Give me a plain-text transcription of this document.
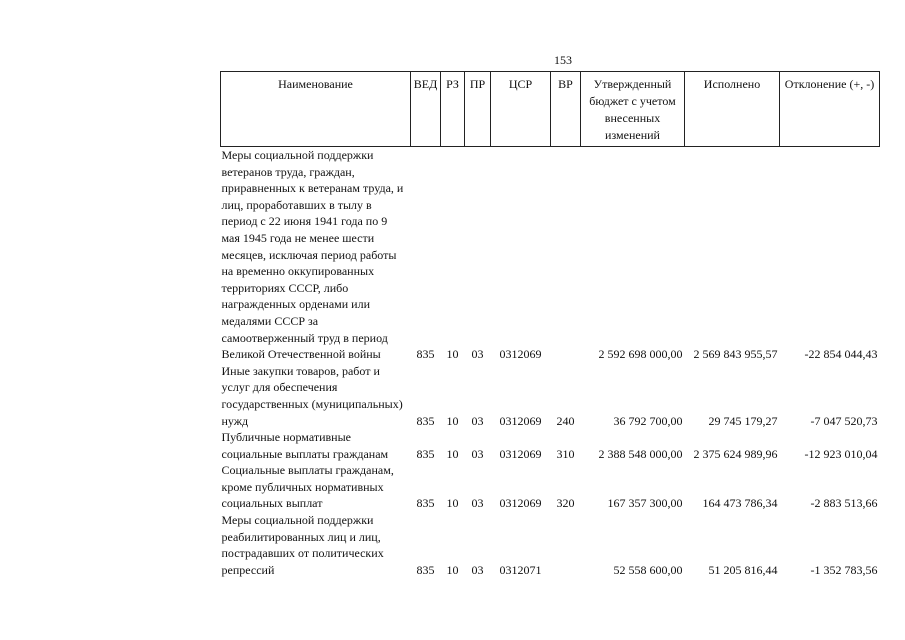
153
Наименование	ВЕД	РЗ	ПР	ЦСР	ВР	Утвержденный бюджет с учетом внесенных изменений	Исполнено	Отклонение (+, -)
Меры социальной поддержки ветеранов труда, граждан, приравненных к ветеранам труда, и лиц, проработавших в тылу в период с 22 июня 1941 года по 9 мая 1945 года не менее шести месяцев, исключая период работы на временно оккупированных территориях СССР, либо награжденных орденами или медалями СССР за самоотверженный труд в период Великой Отечественной войны	835	10	03	0312069		2 592 698 000,00	2 569 843 955,57	-22 854 044,43
Иные закупки товаров, работ и услуг для обеспечения государственных (муниципальных) нужд	835	10	03	0312069	240	36 792 700,00	29 745 179,27	-7 047 520,73
Публичные нормативные социальные выплаты гражданам	835	10	03	0312069	310	2 388 548 000,00	2 375 624 989,96	-12 923 010,04
Социальные выплаты гражданам, кроме публичных нормативных социальных выплат	835	10	03	0312069	320	167 357 300,00	164 473 786,34	-2 883 513,66
Меры социальной поддержки реабилитированных лиц и лиц, пострадавших от политических репрессий	835	10	03	0312071		52 558 600,00	51 205 816,44	-1 352 783,56
